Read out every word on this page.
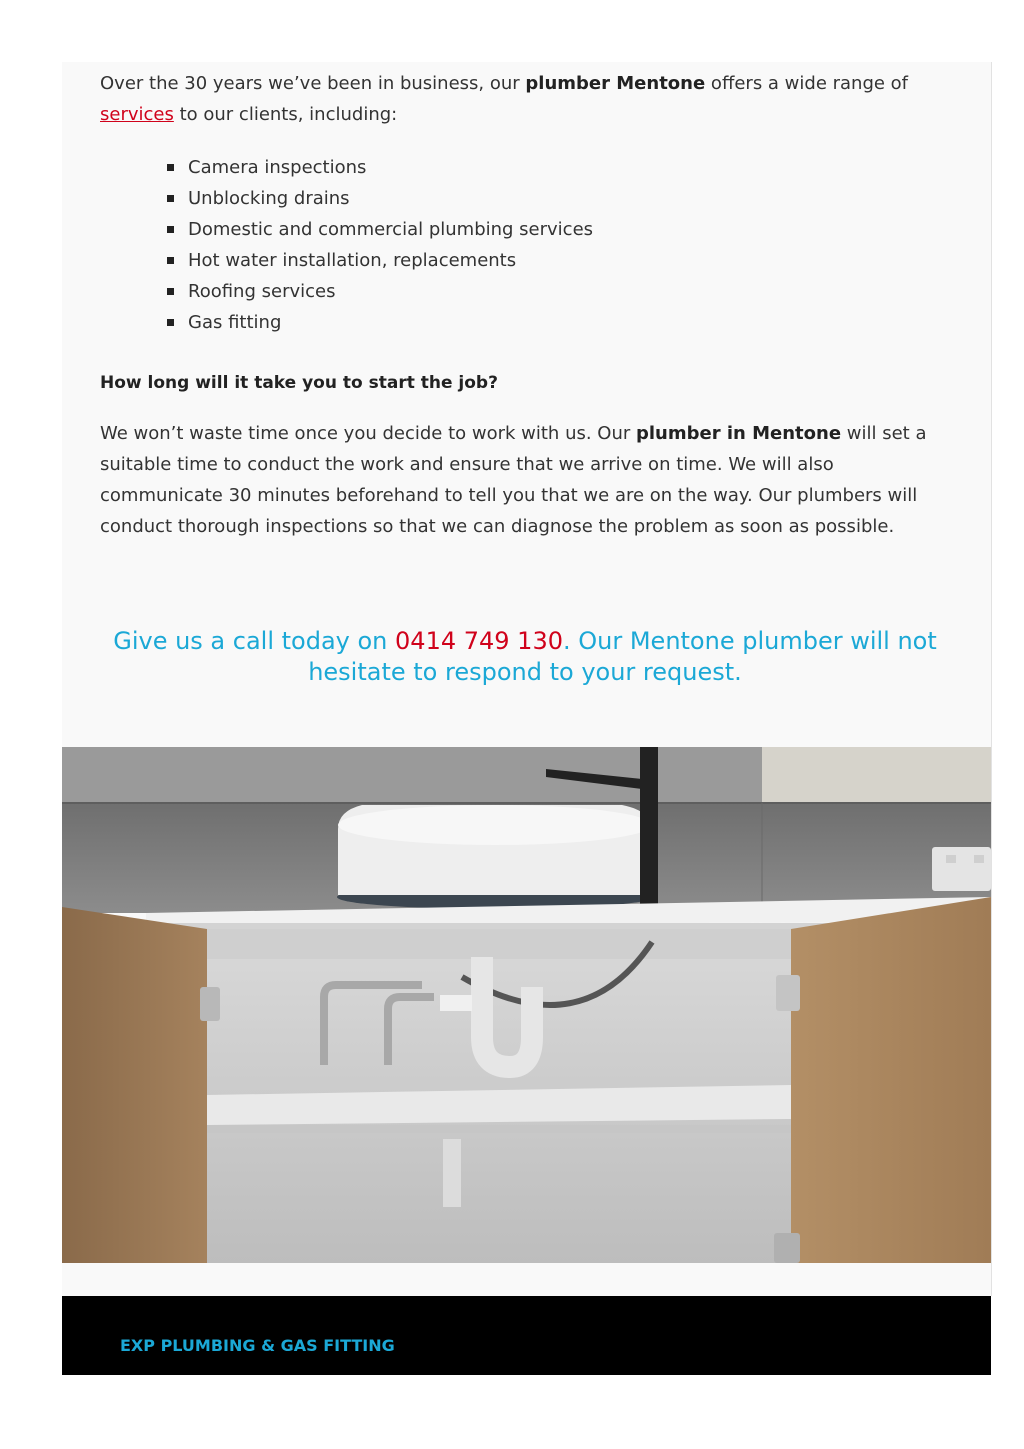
Over the 30 years we’ve been in business, our plumber Mentone offers a wide range of
services to our clients, including:

Camera inspections
Unblocking drains
Domestic and commercial plumbing services
Hot water installation, replacements
Roofing services
Gas fitting
How long will it take you to start the job?

We won’t waste time once you decide to work with us. Our plumber in Mentone will set a suitable time to conduct the work and ensure that we arrive on time. We will also communicate 30 minutes beforehand to tell you that we are on the way. Our plumbers will conduct thorough inspections so that we can diagnose the problem as soon as possible.

Give us a call today on 0414 749 130. Our Mentone plumber will not hesitate to respond to your request.
EXP PLUMBING & GAS FITTING
